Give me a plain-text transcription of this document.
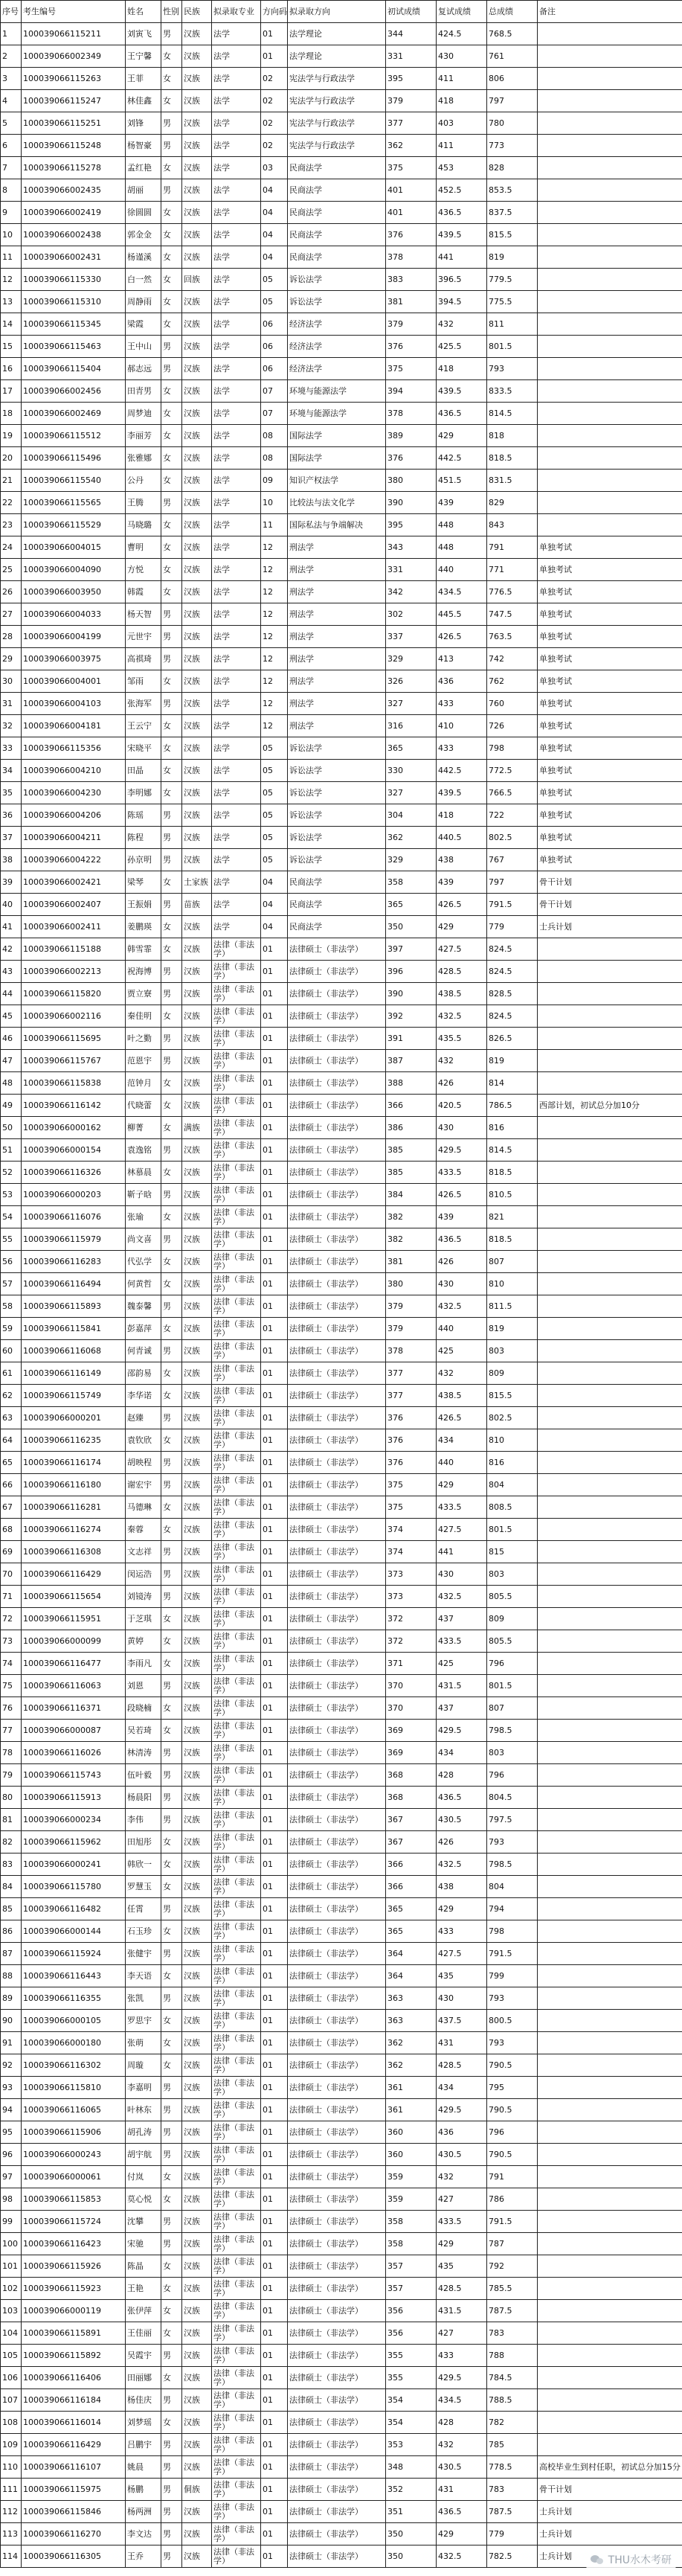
序号	考生编号	姓名	性别	民族	拟录取专业	方向码	拟录取方向	初试成绩	复试成绩	总成绩	备注
1	100039066115211	刘寅飞	男	汉族	法学	01	法学理论	344	424.5	768.5	
2	100039066002349	王宁馨	女	汉族	法学	01	法学理论	331	430	761	
3	100039066115263	王菲	女	汉族	法学	02	宪法学与行政法学	395	411	806	
4	100039066115247	林佳鑫	女	汉族	法学	02	宪法学与行政法学	379	418	797	
5	100039066115251	刘锋	男	汉族	法学	02	宪法学与行政法学	377	403	780	
6	100039066115248	杨智豪	男	汉族	法学	02	宪法学与行政法学	362	411	773	
7	100039066115278	孟红艳	女	汉族	法学	03	民商法学	375	453	828	
8	100039066002435	胡丽	男	汉族	法学	04	民商法学	401	452.5	853.5	
9	100039066002419	徐圆圆	女	汉族	法学	04	民商法学	401	436.5	837.5	
10	100039066002438	郭金金	女	汉族	法学	04	民商法学	376	439.5	815.5	
11	100039066002431	杨谨溪	女	汉族	法学	04	民商法学	378	441	819	
12	100039066115330	白一然	女	回族	法学	05	诉讼法学	383	396.5	779.5	
13	100039066115310	周静雨	女	汉族	法学	05	诉讼法学	381	394.5	775.5	
14	100039066115345	梁霞	女	汉族	法学	06	经济法学	379	432	811	
15	100039066115463	王中山	男	汉族	法学	06	经济法学	376	425.5	801.5	
16	100039066115404	郝志远	男	汉族	法学	06	经济法学	375	418	793	
17	100039066002456	田青男	女	汉族	法学	07	环境与能源法学	394	439.5	833.5	
18	100039066002469	周梦迪	女	汉族	法学	07	环境与能源法学	378	436.5	814.5	
19	100039066115512	李丽芳	女	汉族	法学	08	国际法学	389	429	818	
20	100039066115496	张雅娜	女	汉族	法学	08	国际法学	376	442.5	818.5	
21	100039066115540	公丹	女	汉族	法学	09	知识产权法学	380	451.5	831.5	
22	100039066115565	王腾	男	汉族	法学	10	比较法与法文化学	390	439	829	
23	100039066115529	马晓璐	女	汉族	法学	11	国际私法与争端解决	395	448	843	
24	100039066004015	曹明	女	汉族	法学	12	刑法学	343	448	791	单独考试
25	100039066004090	方悦	女	汉族	法学	12	刑法学	331	440	771	单独考试
26	100039066003950	韩霞	女	汉族	法学	12	刑法学	342	434.5	776.5	单独考试
27	100039066004033	杨天智	男	汉族	法学	12	刑法学	302	445.5	747.5	单独考试
28	100039066004199	元世宇	男	汉族	法学	12	刑法学	337	426.5	763.5	单独考试
29	100039066003975	高祺琦	男	汉族	法学	12	刑法学	329	413	742	单独考试
30	100039066004001	邹雨	女	汉族	法学	12	刑法学	326	436	762	单独考试
31	100039066004103	张海军	男	汉族	法学	12	刑法学	327	433	760	单独考试
32	100039066004181	王云宁	女	汉族	法学	12	刑法学	316	410	726	单独考试
33	100039066115356	宋晓平	女	汉族	法学	05	诉讼法学	365	433	798	单独考试
34	100039066004210	田晶	女	汉族	法学	05	诉讼法学	330	442.5	772.5	单独考试
35	100039066004230	李明娜	女	汉族	法学	05	诉讼法学	327	439.5	766.5	单独考试
36	100039066004206	陈瑶	男	汉族	法学	05	诉讼法学	304	418	722	单独考试
37	100039066004211	陈程	男	汉族	法学	05	诉讼法学	362	440.5	802.5	单独考试
38	100039066004222	孙京明	男	汉族	法学	05	诉讼法学	329	438	767	单独考试
39	100039066002421	梁琴	女	土家族	法学	04	民商法学	358	439	797	骨干计划
40	100039066002407	王振娟	男	苗族	法学	04	民商法学	365	426.5	791.5	骨干计划
41	100039066002411	姜鹏瑛	女	汉族	法学	04	民商法学	350	429	779	士兵计划
42	100039066115188	韩雪霏	女	汉族	法律（非法学）	01	法律硕士（非法学）	397	427.5	824.5	
43	100039066002213	祝海博	男	汉族	法律（非法学）	01	法律硕士（非法学）	396	428.5	824.5	
44	100039066115820	贾立寮	男	汉族	法律（非法学）	01	法律硕士（非法学）	390	438.5	828.5	
45	100039066002116	秦佳明	女	汉族	法律（非法学）	01	法律硕士（非法学）	392	432.5	824.5	
46	100039066115695	叶之勤	男	汉族	法律（非法学）	01	法律硕士（非法学）	391	435.5	826.5	
47	100039066115767	范恩宇	男	汉族	法律（非法学）	01	法律硕士（非法学）	387	432	819	
48	100039066115838	范钟月	女	汉族	法律（非法学）	01	法律硕士（非法学）	388	426	814	
49	100039066116142	代晓蕾	女	汉族	法律（非法学）	01	法律硕士（非法学）	366	420.5	786.5	西部计划，初试总分加10分
50	100039066000162	柳菁	女	满族	法律（非法学）	01	法律硕士（非法学）	386	430	816	
51	100039066000154	袁逸铭	男	汉族	法律（非法学）	01	法律硕士（非法学）	385	429.5	814.5	
52	100039066116326	林慕晨	女	汉族	法律（非法学）	01	法律硕士（非法学）	385	433.5	818.5	
53	100039066000203	靳子晗	男	汉族	法律（非法学）	01	法律硕士（非法学）	384	426.5	810.5	
54	100039066116076	张瑜	女	汉族	法律（非法学）	01	法律硕士（非法学）	382	439	821	
55	100039066115979	尚文喜	男	汉族	法律（非法学）	01	法律硕士（非法学）	382	436.5	818.5	
56	100039066116283	代弘学	女	汉族	法律（非法学）	01	法律硕士（非法学）	381	426	807	
57	100039066116494	何黄哲	女	汉族	法律（非法学）	01	法律硕士（非法学）	380	430	810	
58	100039066115893	魏泰馨	男	汉族	法律（非法学）	01	法律硕士（非法学）	379	432.5	811.5	
59	100039066115841	彭嘉萍	女	汉族	法律（非法学）	01	法律硕士（非法学）	379	440	819	
60	100039066116068	何青诚	男	汉族	法律（非法学）	01	法律硕士（非法学）	378	425	803	
61	100039066116149	邵韵易	女	汉族	法律（非法学）	01	法律硕士（非法学）	377	432	809	
62	100039066115749	李华诺	女	汉族	法律（非法学）	01	法律硕士（非法学）	377	438.5	815.5	
63	100039066000201	赵臻	男	汉族	法律（非法学）	01	法律硕士（非法学）	376	426.5	802.5	
64	100039066116235	袁钦欣	女	汉族	法律（非法学）	01	法律硕士（非法学）	376	434	810	
65	100039066116174	胡映程	男	汉族	法律（非法学）	01	法律硕士（非法学）	376	440	816	
66	100039066116180	谢宏宇	男	汉族	法律（非法学）	01	法律硕士（非法学）	375	429	804	
67	100039066116281	马德琳	女	汉族	法律（非法学）	01	法律硕士（非法学）	375	433.5	808.5	
68	100039066116274	秦蓉	女	汉族	法律（非法学）	01	法律硕士（非法学）	374	427.5	801.5	
69	100039066116308	文志祥	男	汉族	法律（非法学）	01	法律硕士（非法学）	374	441	815	
70	100039066116429	闵运浩	男	汉族	法律（非法学）	01	法律硕士（非法学）	373	430	803	
71	100039066115654	刘镜涛	男	汉族	法律（非法学）	01	法律硕士（非法学）	373	432.5	805.5	
72	100039066115951	于芝琪	女	汉族	法律（非法学）	01	法律硕士（非法学）	372	437	809	
73	100039066000099	黄婷	女	汉族	法律（非法学）	01	法律硕士（非法学）	372	433.5	805.5	
74	100039066116477	李雨凡	女	汉族	法律（非法学）	01	法律硕士（非法学）	371	425	796	
75	100039066116063	刘恩	男	汉族	法律（非法学）	01	法律硕士（非法学）	370	431.5	801.5	
76	100039066116371	段晓楠	女	汉族	法律（非法学）	01	法律硕士（非法学）	370	437	807	
77	100039066000087	吴若琦	女	汉族	法律（非法学）	01	法律硕士（非法学）	369	429.5	798.5	
78	100039066116026	林清涛	男	汉族	法律（非法学）	01	法律硕士（非法学）	369	434	803	
79	100039066115743	伍叶毅	男	汉族	法律（非法学）	01	法律硕士（非法学）	368	428	796	
80	100039066115913	杨晨阳	男	汉族	法律（非法学）	01	法律硕士（非法学）	368	436.5	804.5	
81	100039066000234	李伟	男	汉族	法律（非法学）	01	法律硕士（非法学）	367	430.5	797.5	
82	100039066115962	田旭彤	女	汉族	法律（非法学）	01	法律硕士（非法学）	367	426	793	
83	100039066000241	韩欣一	女	汉族	法律（非法学）	01	法律硕士（非法学）	366	432.5	798.5	
84	100039066115780	罗慧玉	女	汉族	法律（非法学）	01	法律硕士（非法学）	366	438	804	
85	100039066116482	任霄	男	汉族	法律（非法学）	01	法律硕士（非法学）	365	429	794	
86	100039066000144	石玉珍	女	汉族	法律（非法学）	01	法律硕士（非法学）	365	433	798	
87	100039066115924	张健宇	男	汉族	法律（非法学）	01	法律硕士（非法学）	364	427.5	791.5	
88	100039066116443	李天语	女	汉族	法律（非法学）	01	法律硕士（非法学）	364	435	799	
89	100039066116355	张凯	男	汉族	法律（非法学）	01	法律硕士（非法学）	363	430	793	
90	100039066000105	罗思宇	女	汉族	法律（非法学）	01	法律硕士（非法学）	363	437.5	800.5	
91	100039066000180	张萌	女	汉族	法律（非法学）	01	法律硕士（非法学）	362	431	793	
92	100039066116302	周璇	女	汉族	法律（非法学）	01	法律硕士（非法学）	362	428.5	790.5	
93	100039066115810	李嘉明	男	汉族	法律（非法学）	01	法律硕士（非法学）	361	434	795	
94	100039066116065	叶林东	男	汉族	法律（非法学）	01	法律硕士（非法学）	361	429.5	790.5	
95	100039066115906	胡孔涛	男	汉族	法律（非法学）	01	法律硕士（非法学）	360	436	796	
96	100039066000243	胡宇航	男	汉族	法律（非法学）	01	法律硕士（非法学）	360	430.5	790.5	
97	100039066000061	付岚	女	汉族	法律（非法学）	01	法律硕士（非法学）	359	432	791	
98	100039066115853	莫心悦	女	汉族	法律（非法学）	01	法律硕士（非法学）	359	427	786	
99	100039066115724	沈攀	男	汉族	法律（非法学）	01	法律硕士（非法学）	358	433.5	791.5	
100	100039066116423	宋驰	男	汉族	法律（非法学）	01	法律硕士（非法学）	358	429	787	
101	100039066115926	陈晶	女	汉族	法律（非法学）	01	法律硕士（非法学）	357	435	792	
102	100039066115923	王艳	女	汉族	法律（非法学）	01	法律硕士（非法学）	357	428.5	785.5	
103	100039066000119	张伊萍	女	汉族	法律（非法学）	01	法律硕士（非法学）	356	431.5	787.5	
104	100039066115891	王佳丽	女	汉族	法律（非法学）	01	法律硕士（非法学）	356	427	783	
105	100039066115892	吴霞宇	男	汉族	法律（非法学）	01	法律硕士（非法学）	355	433	788	
106	100039066116406	田丽娜	女	汉族	法律（非法学）	01	法律硕士（非法学）	355	429.5	784.5	
107	100039066116184	杨佳庆	男	汉族	法律（非法学）	01	法律硕士（非法学）	354	434.5	788.5	
108	100039066116014	刘梦瑶	女	汉族	法律（非法学）	01	法律硕士（非法学）	354	428	782	
109	100039066116429	吕鹏宇	男	汉族	法律（非法学）	01	法律硕士（非法学）	353	432	785	
110	100039066116107	姚晨	男	汉族	法律（非法学）	01	法律硕士（非法学）	348	430.5	778.5	高校毕业生到村任职，初试总分加15分
111	100039066115975	杨鹏	男	侗族	法律（非法学）	01	法律硕士（非法学）	352	431	783	骨干计划
112	100039066115846	杨两洲	男	汉族	法律（非法学）	01	法律硕士（非法学）	351	436.5	787.5	士兵计划
113	100039066116270	李文达	男	汉族	法律（非法学）	01	法律硕士（非法学）	350	429	779	士兵计划
114	100039066116305	王乔	男	汉族	法律（非法学）	01	法律硕士（非法学）	350	432.5	782.5	士兵计划	THU水木考研
